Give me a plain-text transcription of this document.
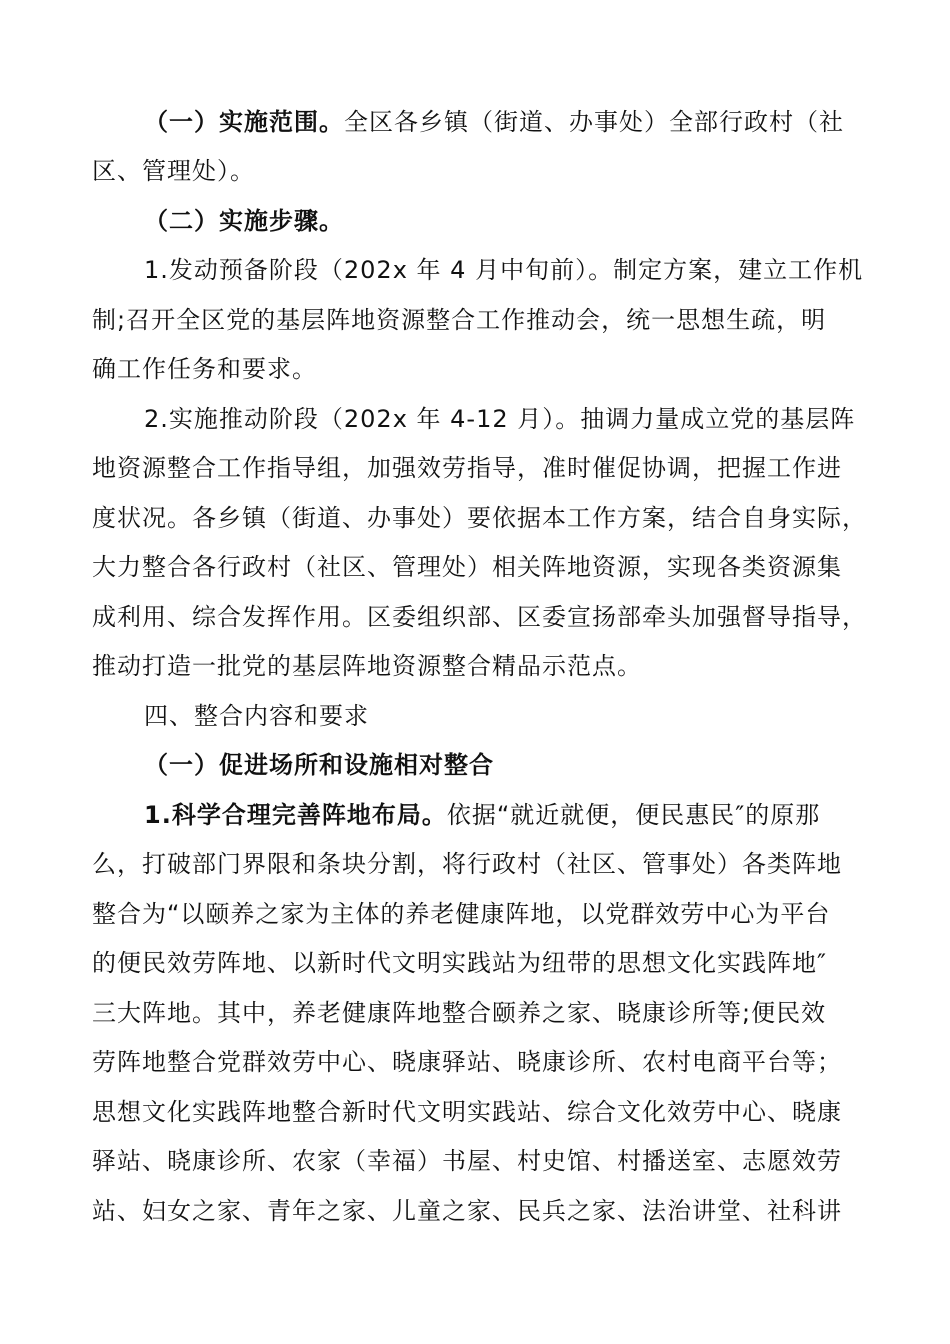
（一）实施范围。全区各乡镇（街道、办事处）全部行政村（社

区、管理处）。

（二）实施步骤。

1.发动预备阶段（202x 年 4 月中旬前）。制定方案，建立工作机

制;召开全区党的基层阵地资源整合工作推动会，统一思想生疏，明

确工作任务和要求。

2.实施推动阶段（202x 年 4-12 月）。抽调力量成立党的基层阵

地资源整合工作指导组，加强效劳指导，准时催促协调，把握工作进

度状况。各乡镇（街道、办事处）要依据本工作方案，结合自身实际，

大力整合各行政村（社区、管理处）相关阵地资源，实现各类资源集

成利用、综合发挥作用。区委组织部、区委宣扬部牵头加强督导指导，

推动打造一批党的基层阵地资源整合精品示范点。

四、整合内容和要求

（一）促进场所和设施相对整合

1.科学合理完善阵地布局。依据“就近就便，便民惠民″的原那

么，打破部门界限和条块分割，将行政村（社区、管事处）各类阵地

整合为“以颐养之家为主体的养老健康阵地，以党群效劳中心为平台

的便民效劳阵地、以新时代文明实践站为纽带的思想文化实践阵地″

三大阵地。其中，养老健康阵地整合颐养之家、晓康诊所等;便民效

劳阵地整合党群效劳中心、晓康驿站、晓康诊所、农村电商平台等；

思想文化实践阵地整合新时代文明实践站、综合文化效劳中心、晓康

驿站、晓康诊所、农家（幸福）书屋、村史馆、村播送室、志愿效劳

站、妇女之家、青年之家、儿童之家、民兵之家、法治讲堂、社科讲
